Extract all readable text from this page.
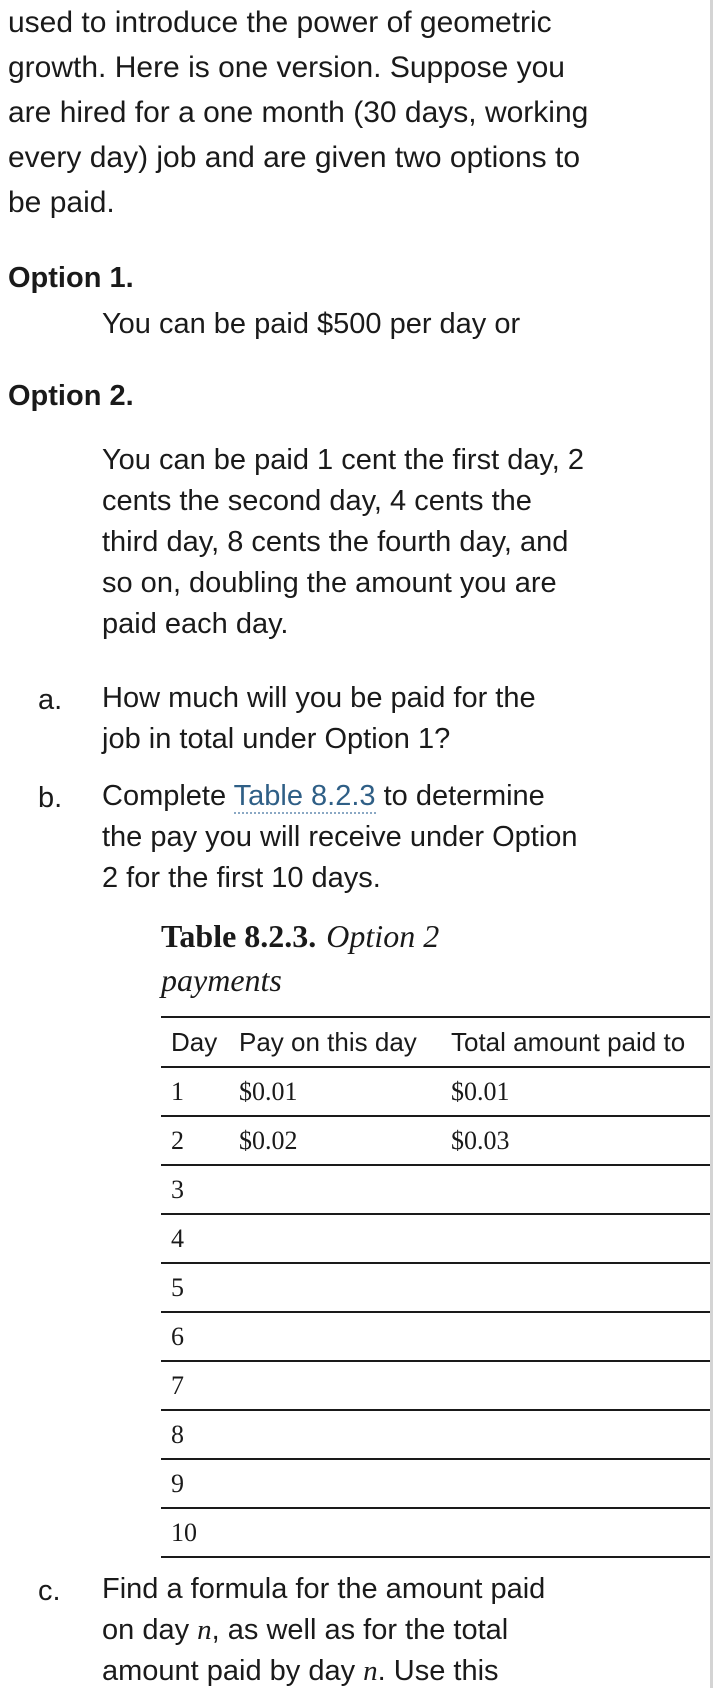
used to introduce the power of geometric
growth. Here is one version. Suppose you
are hired for a one month (30 days, working
every day) job and are given two options to
be paid.
Option 1.
You can be paid $500 per day or
Option 2.
You can be paid 1 cent the first day, 2
cents the second day, 4 cents the
third day, 8 cents the fourth day, and
so on, doubling the amount you are
paid each day.
a. How much will you be paid for the
job in total under Option 1?
b. Complete Table 8.2.3 to determine
the pay you will receive under Option
2 for the first 10 days.
Table 8.2.3. Option 2
payments
Day	Pay on this day	Total amount paid to
1	$0.01	$0.01
2	$0.02	$0.03
3		
4		
5		
6		
7		
8		
9		
10		
c. Find a formula for the amount paid
on day n, as well as for the total
amount paid by day n. Use this
